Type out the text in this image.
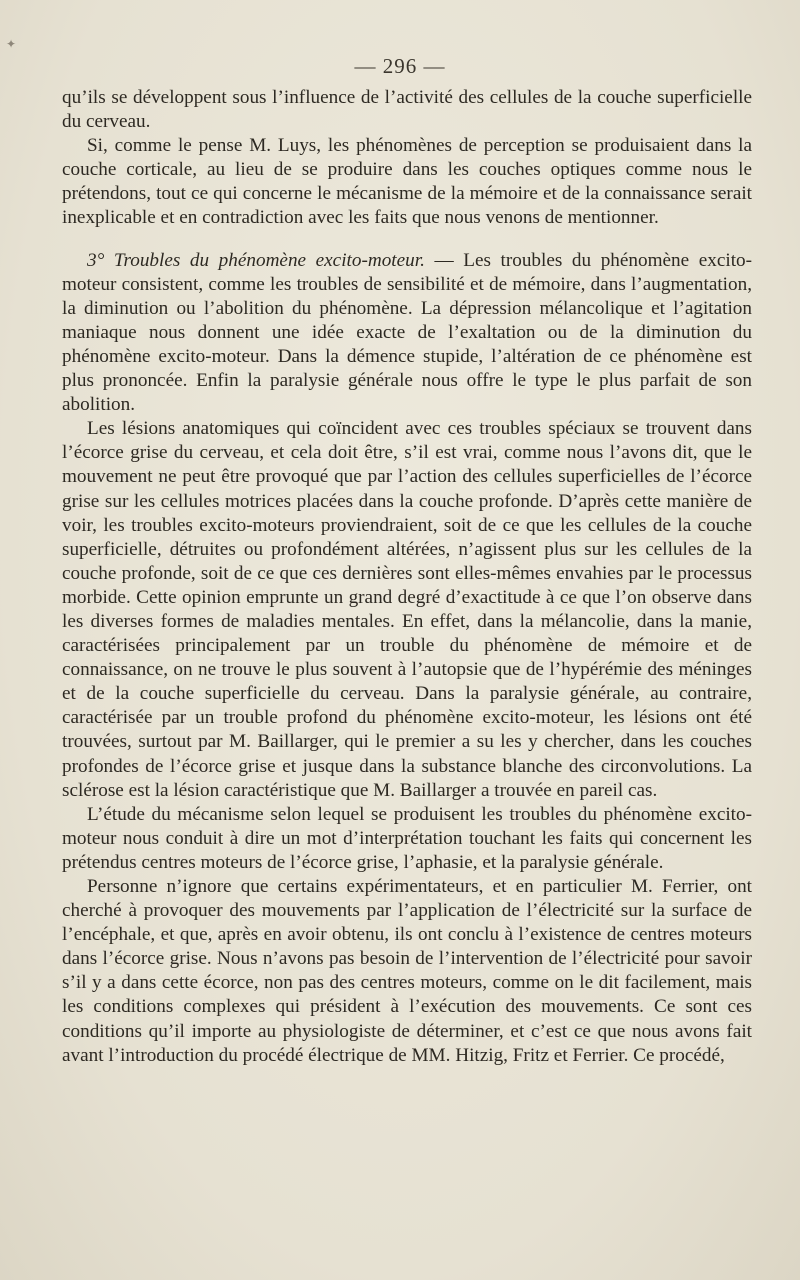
✦
— 296 —

qu’ils se développent sous l’influence de l’activité des cellules de la couche superficielle du cerveau.

Si, comme le pense M. Luys, les phénomènes de perception se produisaient dans la couche corticale, au lieu de se produire dans les couches optiques comme nous le prétendons, tout ce qui concerne le mécanisme de la mémoire et de la connaissance serait inexplicable et en contradiction avec les faits que nous venons de mentionner.

3° Troubles du phénomène excito-moteur. — Les troubles du phénomène excito-moteur consistent, comme les troubles de sensibilité et de mémoire, dans l’augmentation, la diminution ou l’abolition du phénomène. La dépression mélancolique et l’agitation maniaque nous donnent une idée exacte de l’exaltation ou de la diminution du phénomène excito-moteur. Dans la démence stupide, l’altération de ce phénomène est plus prononcée. Enfin la paralysie générale nous offre le type le plus parfait de son abolition.

Les lésions anatomiques qui coïncident avec ces troubles spéciaux se trouvent dans l’écorce grise du cerveau, et cela doit être, s’il est vrai, comme nous l’avons dit, que le mouvement ne peut être provoqué que par l’action des cellules superficielles de l’écorce grise sur les cellules motrices placées dans la couche profonde. D’après cette manière de voir, les troubles excito-moteurs proviendraient, soit de ce que les cellules de la couche superficielle, détruites ou profondément altérées, n’agissent plus sur les cellules de la couche profonde, soit de ce que ces dernières sont elles-mêmes envahies par le processus morbide. Cette opinion emprunte un grand degré d’exactitude à ce que l’on observe dans les diverses formes de maladies mentales. En effet, dans la mélancolie, dans la manie, caractérisées principalement par un trouble du phénomène de mémoire et de connaissance, on ne trouve le plus souvent à l’autopsie que de l’hypérémie des méninges et de la couche superficielle du cerveau. Dans la paralysie générale, au contraire, caractérisée par un trouble profond du phénomène excito-moteur, les lésions ont été trouvées, surtout par M. Baillarger, qui le premier a su les y chercher, dans les couches profondes de l’écorce grise et jusque dans la substance blanche des circonvolutions. La sclérose est la lésion caractéristique que M. Baillarger a trouvée en pareil cas.

L’étude du mécanisme selon lequel se produisent les troubles du phénomène excito-moteur nous conduit à dire un mot d’interprétation touchant les faits qui concernent les prétendus centres moteurs de l’écorce grise, l’aphasie, et la paralysie générale.

Personne n’ignore que certains expérimentateurs, et en particulier M. Ferrier, ont cherché à provoquer des mouvements par l’application de l’électricité sur la surface de l’encéphale, et que, après en avoir obtenu, ils ont conclu à l’existence de centres moteurs dans l’écorce grise. Nous n’avons pas besoin de l’intervention de l’électricité pour savoir s’il y a dans cette écorce, non pas des centres moteurs, comme on le dit facilement, mais les conditions complexes qui président à l’exécution des mouvements. Ce sont ces conditions qu’il importe au physiologiste de déterminer, et c’est ce que nous avons fait avant l’introduction du procédé électrique de MM. Hitzig, Fritz et Ferrier. Ce procédé,
